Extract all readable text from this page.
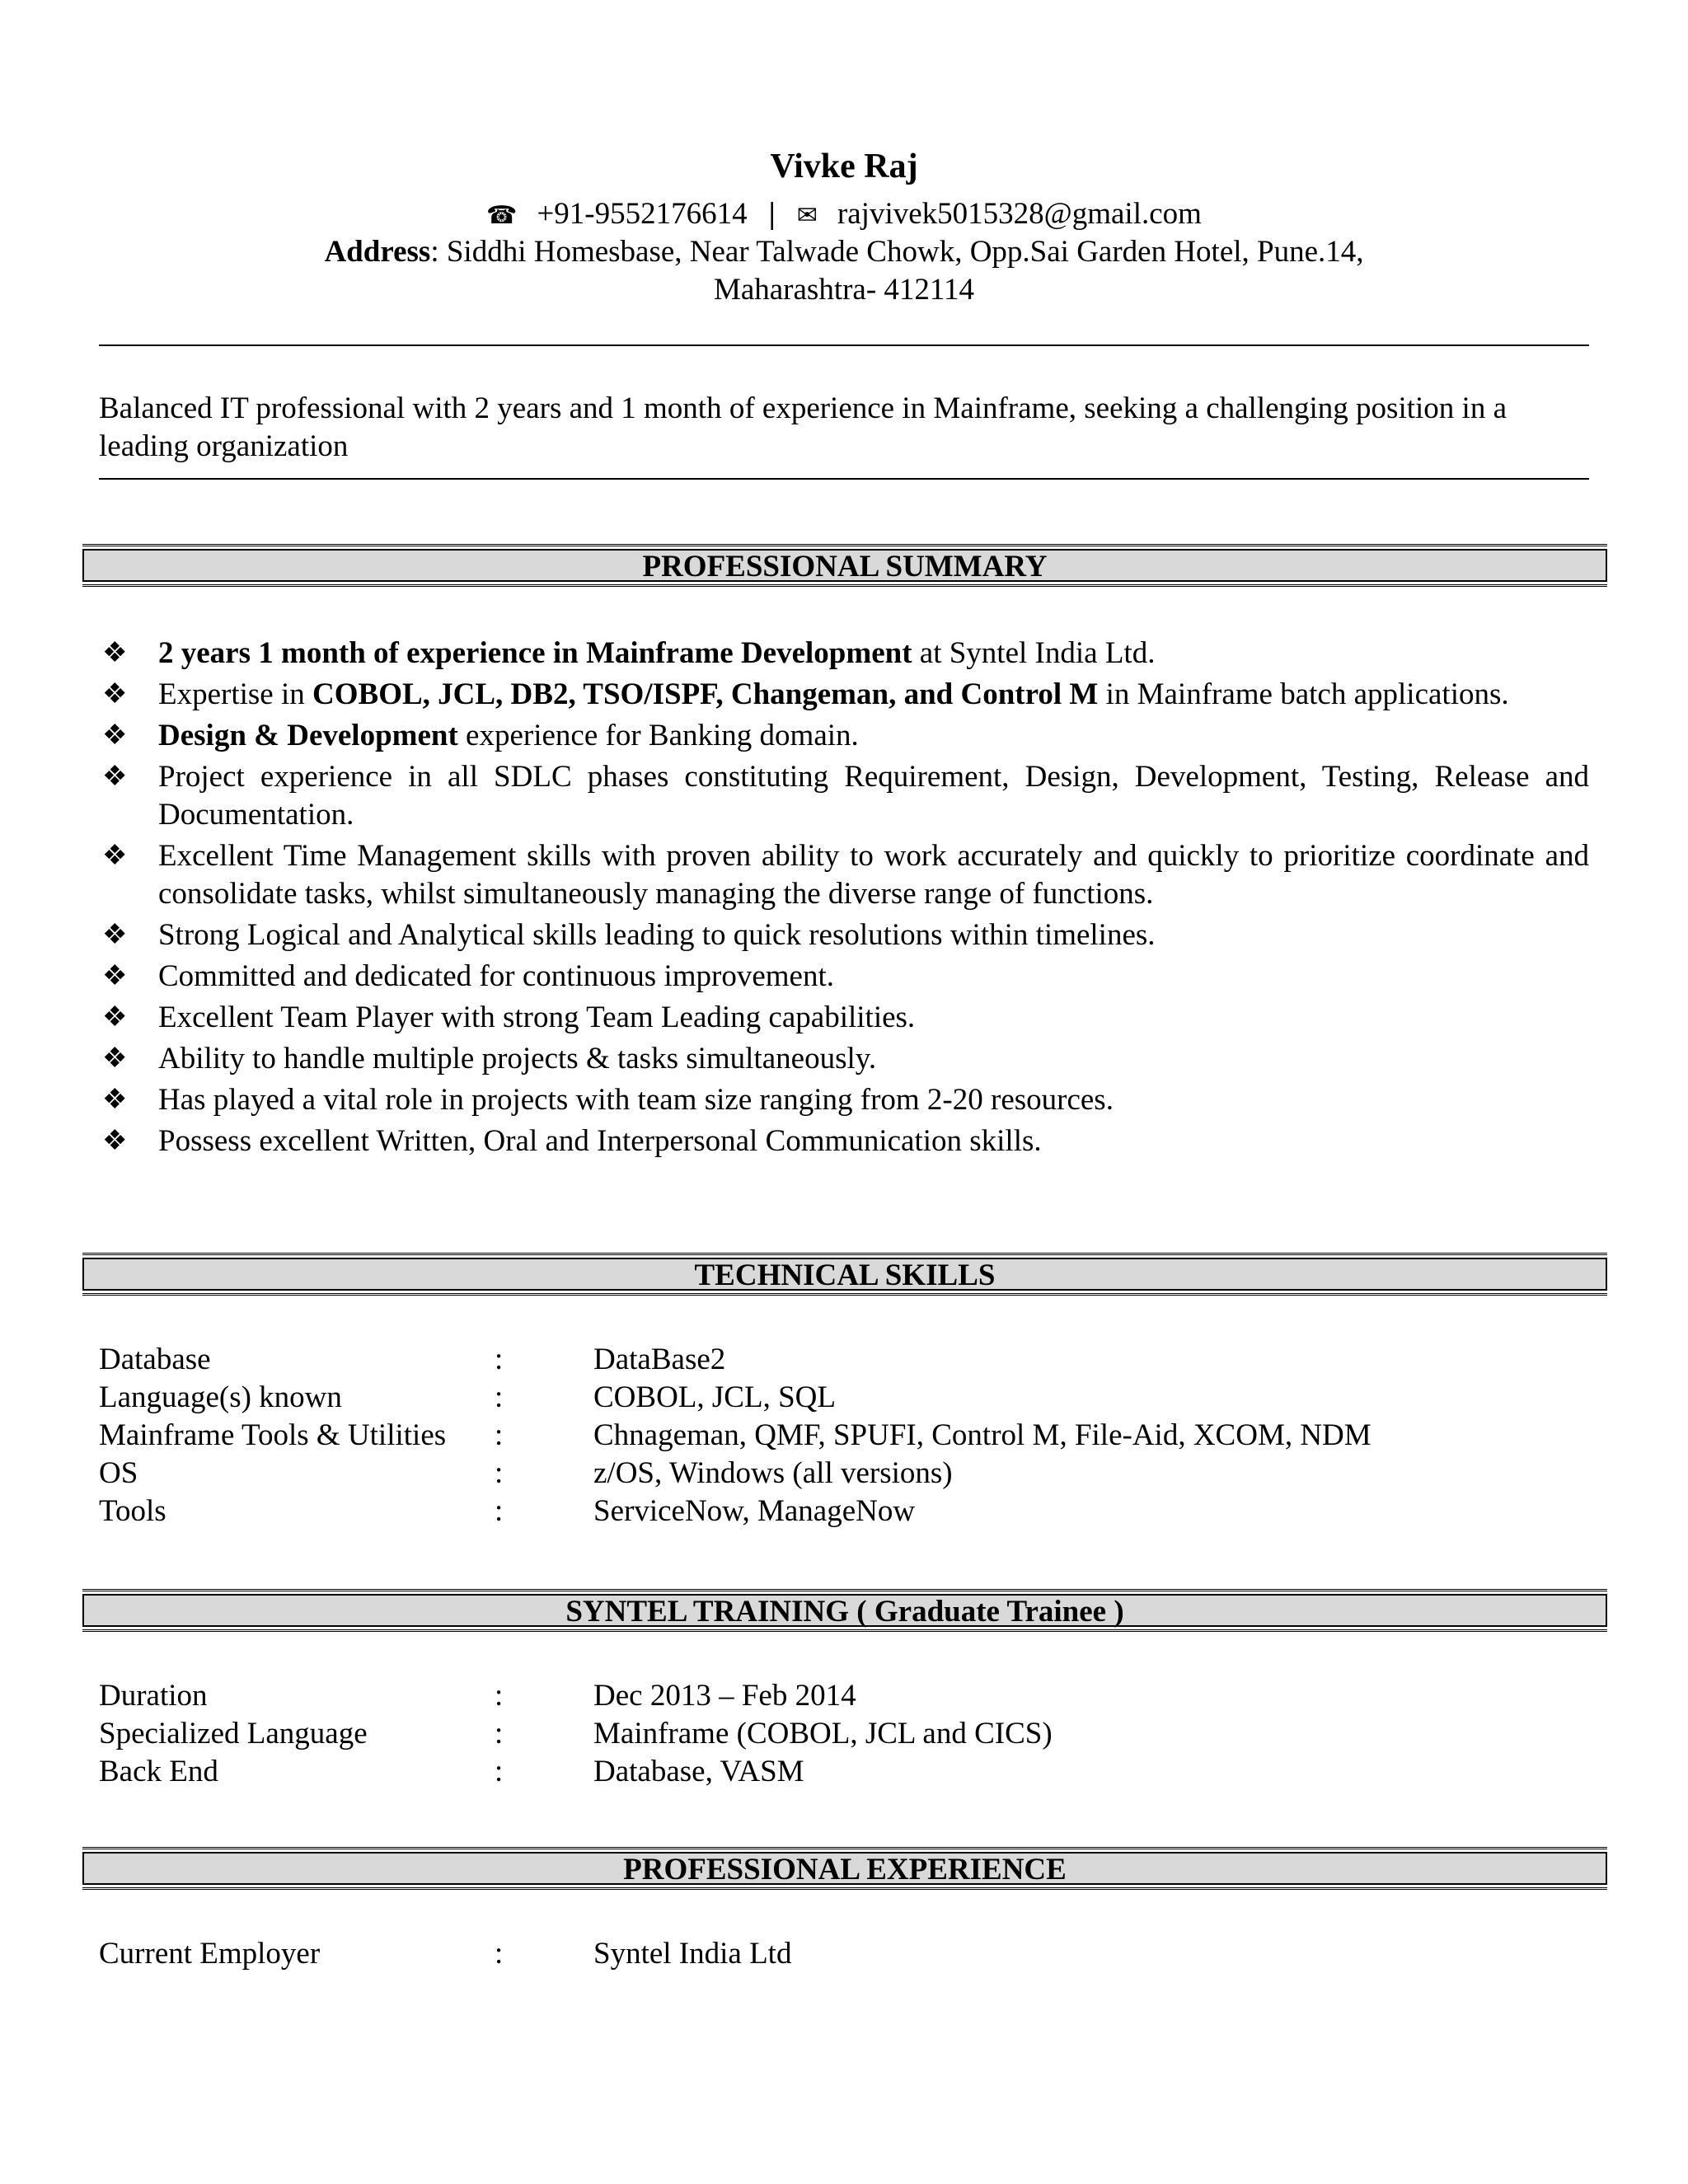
Vivke Raj
☎ +91-9552176614 | ✉ rajvivek5015328@gmail.com
Address: Siddhi Homesbase, Near Talwade Chowk, Opp.Sai Garden Hotel, Pune.14,
Maharashtra- 412114
Balanced IT professional with 2 years and 1 month of experience in Mainframe, seeking a challenging position in a leading organization
PROFESSIONAL SUMMARY
❖ 2 years 1 month of experience in Mainframe Development at Syntel India Ltd.
❖ Expertise in COBOL, JCL, DB2, TSO/ISPF, Changeman, and Control M in Mainframe batch applications.
❖ Design & Development experience for Banking domain.
❖ Project experience in all SDLC phases constituting Requirement, Design, Development, Testing, Release and Documentation.
❖ Excellent Time Management skills with proven ability to work accurately and quickly to prioritize coordinate and consolidate tasks, whilst simultaneously managing the diverse range of functions.
❖ Strong Logical and Analytical skills leading to quick resolutions within timelines.
❖ Committed and dedicated for continuous improvement.
❖ Excellent Team Player with strong Team Leading capabilities.
❖ Ability to handle multiple projects & tasks simultaneously.
❖ Has played a vital role in projects with team size ranging from 2-20 resources.
❖ Possess excellent Written, Oral and Interpersonal Communication skills.
TECHNICAL SKILLS
Database	:	DataBase2
Language(s) known	:	COBOL, JCL, SQL
Mainframe Tools & Utilities	:	Chnageman, QMF, SPUFI, Control M, File-Aid, XCOM, NDM
OS	:	z/OS, Windows (all versions)
Tools	:	ServiceNow, ManageNow
SYNTEL TRAINING ( Graduate Trainee )
Duration	:	Dec 2013 – Feb 2014
Specialized Language	:	Mainframe (COBOL, JCL and CICS)
Back End	:	Database, VASM
PROFESSIONAL EXPERIENCE
Current Employer	:	Syntel India Ltd
